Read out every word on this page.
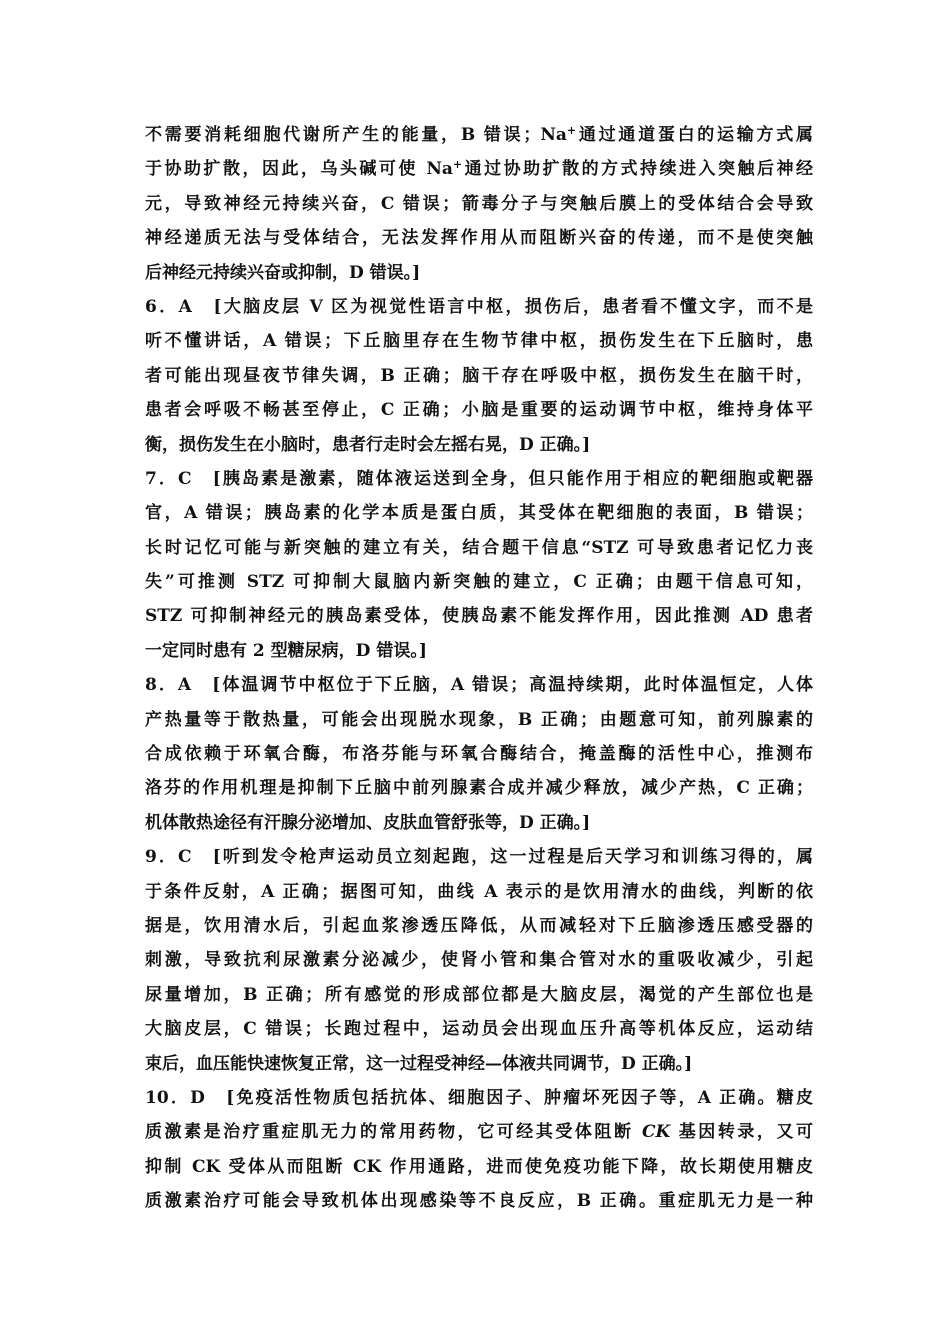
不需要消耗细胞代谢所产生的能量，B 错误；Na+通过通道蛋白的运输方式属
于协助扩散，因此，乌头碱可使 Na+通过协助扩散的方式持续进入突触后神经
元，导致神经元持续兴奋，C 错误；箭毒分子与突触后膜上的受体结合会导致
神经递质无法与受体结合，无法发挥作用从而阻断兴奋的传递，而不是使突触
后神经元持续兴奋或抑制，D 错误。]
6．A　[大脑皮层 V 区为视觉性语言中枢，损伤后，患者看不懂文字，而不是
听不懂讲话，A 错误；下丘脑里存在生物节律中枢，损伤发生在下丘脑时，患
者可能出现昼夜节律失调，B 正确；脑干存在呼吸中枢，损伤发生在脑干时，
患者会呼吸不畅甚至停止，C 正确；小脑是重要的运动调节中枢，维持身体平
衡，损伤发生在小脑时，患者行走时会左摇右晃，D 正确。]
7．C　[胰岛素是激素，随体液运送到全身，但只能作用于相应的靶细胞或靶器
官，A 错误；胰岛素的化学本质是蛋白质，其受体在靶细胞的表面，B 错误；
长时记忆可能与新突触的建立有关，结合题干信息“STZ 可导致患者记忆力丧
失”可推测 STZ 可抑制大鼠脑内新突触的建立，C 正确；由题干信息可知，
STZ 可抑制神经元的胰岛素受体，使胰岛素不能发挥作用，因此推测 AD 患者
一定同时患有 2 型糖尿病，D 错误。]
8．A　[体温调节中枢位于下丘脑，A 错误；高温持续期，此时体温恒定，人体
产热量等于散热量，可能会出现脱水现象，B 正确；由题意可知，前列腺素的
合成依赖于环氧合酶，布洛芬能与环氧合酶结合，掩盖酶的活性中心，推测布
洛芬的作用机理是抑制下丘脑中前列腺素合成并减少释放，减少产热，C 正确；
机体散热途径有汗腺分泌增加、皮肤血管舒张等，D 正确。]
9．C　[听到发令枪声运动员立刻起跑，这一过程是后天学习和训练习得的，属
于条件反射，A 正确；据图可知，曲线 A 表示的是饮用清水的曲线，判断的依
据是，饮用清水后，引起血浆渗透压降低，从而减轻对下丘脑渗透压感受器的
刺激，导致抗利尿激素分泌减少，使肾小管和集合管对水的重吸收减少，引起
尿量增加，B 正确；所有感觉的形成部位都是大脑皮层，渴觉的产生部位也是
大脑皮层，C 错误；长跑过程中，运动员会出现血压升高等机体反应，运动结
束后，血压能快速恢复正常，这一过程受神经—体液共同调节，D 正确。]
10．D　[免疫活性物质包括抗体、细胞因子、肿瘤坏死因子等，A 正确。糖皮
质激素是治疗重症肌无力的常用药物，它可经其受体阻断 CK 基因转录，又可
抑制 CK 受体从而阻断 CK 作用通路，进而使免疫功能下降，故长期使用糖皮
质激素治疗可能会导致机体出现感染等不良反应，B 正确。重症肌无力是一种
